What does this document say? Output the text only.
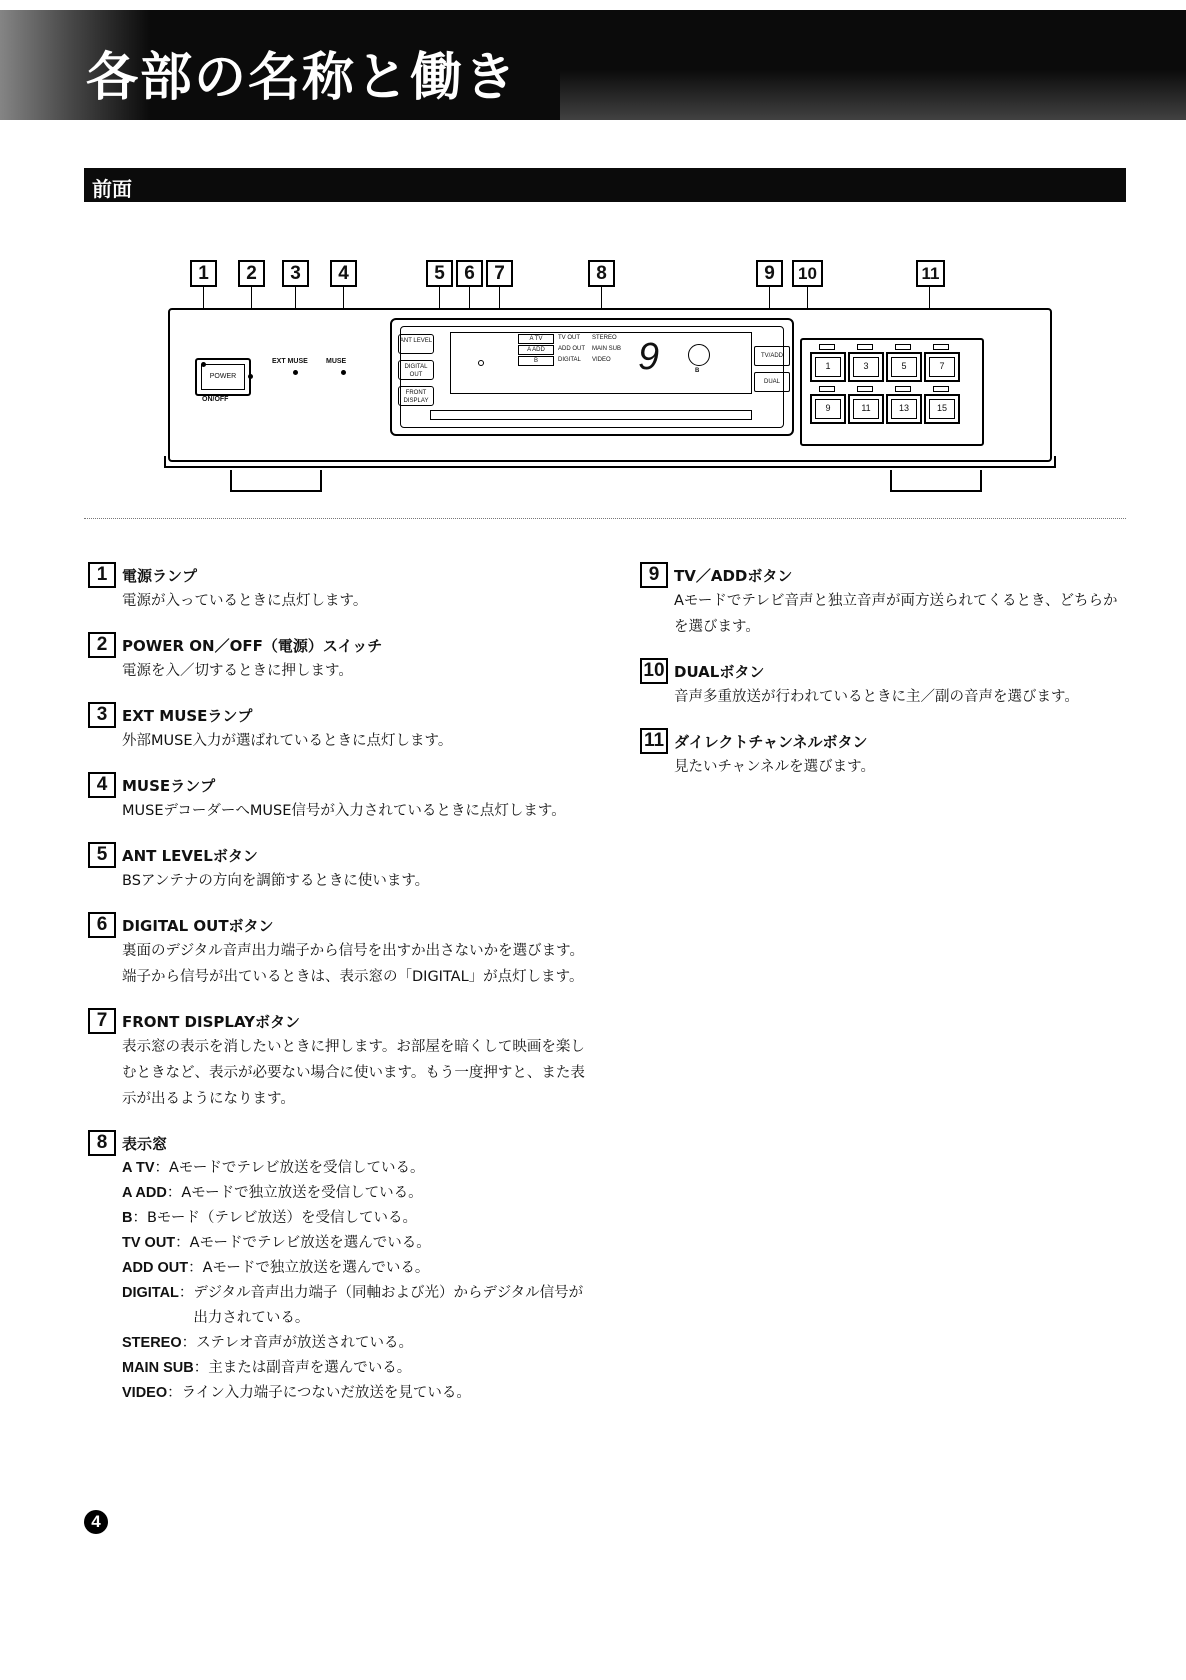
各部の名称と働き
前面
1	2	3	4	5	6	7	8	9	10	11
POWER
ON/OFF
EXT MUSE	MUSE
ANT LEVEL
DIGITAL OUT
FRONT DISPLAY
A TV
A ADD
B
TV OUT
ADD OUT
DIGITAL
STEREO
MAIN SUB
VIDEO 9	B
TV/ADD
DUAL
1	3	5	7
9	11	13	15
1 電源ランプ
電源が入っているときに点灯します。
2 POWER ON／OFF（電源）スイッチ
電源を入／切するときに押します。
3 EXT MUSEランプ
外部MUSE入力が選ばれているときに点灯します。
4 MUSEランプ
MUSEデコーダーへMUSE信号が入力されているときに点灯します。
5 ANT LEVELボタン
BSアンテナの方向を調節するときに使います。
6 DIGITAL OUTボタン
裏面のデジタル音声出力端子から信号を出すか出さないかを選びます。端子から信号が出ているときは、表示窓の「DIGITAL」が点灯します。
7 FRONT DISPLAYボタン
表示窓の表示を消したいときに押します。お部屋を暗くして映画を楽しむときなど、表示が必要ない場合に使います。もう一度押すと、また表示が出るようになります。
8 表示窓
A TV ： Aモードでテレビ放送を受信している。
A ADD ： Aモードで独立放送を受信している。
B ： Bモード（テレビ放送）を受信している。
TV OUT ： Aモードでテレビ放送を選んでいる。
ADD OUT ： Aモードで独立放送を選んでいる。
DIGITAL ： デジタル音声出力端子（同軸および光）からデジタル信号が出力されている。
STEREO ： ステレオ音声が放送されている。
MAIN SUB ： 主または副音声を選んでいる。
VIDEO ： ライン入力端子につないだ放送を見ている。
9 TV／ADDボタン
Aモードでテレビ音声と独立音声が両方送られてくるとき、どちらかを選びます。
10 DUALボタン
音声多重放送が行われているときに主／副の音声を選びます。
11 ダイレクトチャンネルボタン
見たいチャンネルを選びます。
4
